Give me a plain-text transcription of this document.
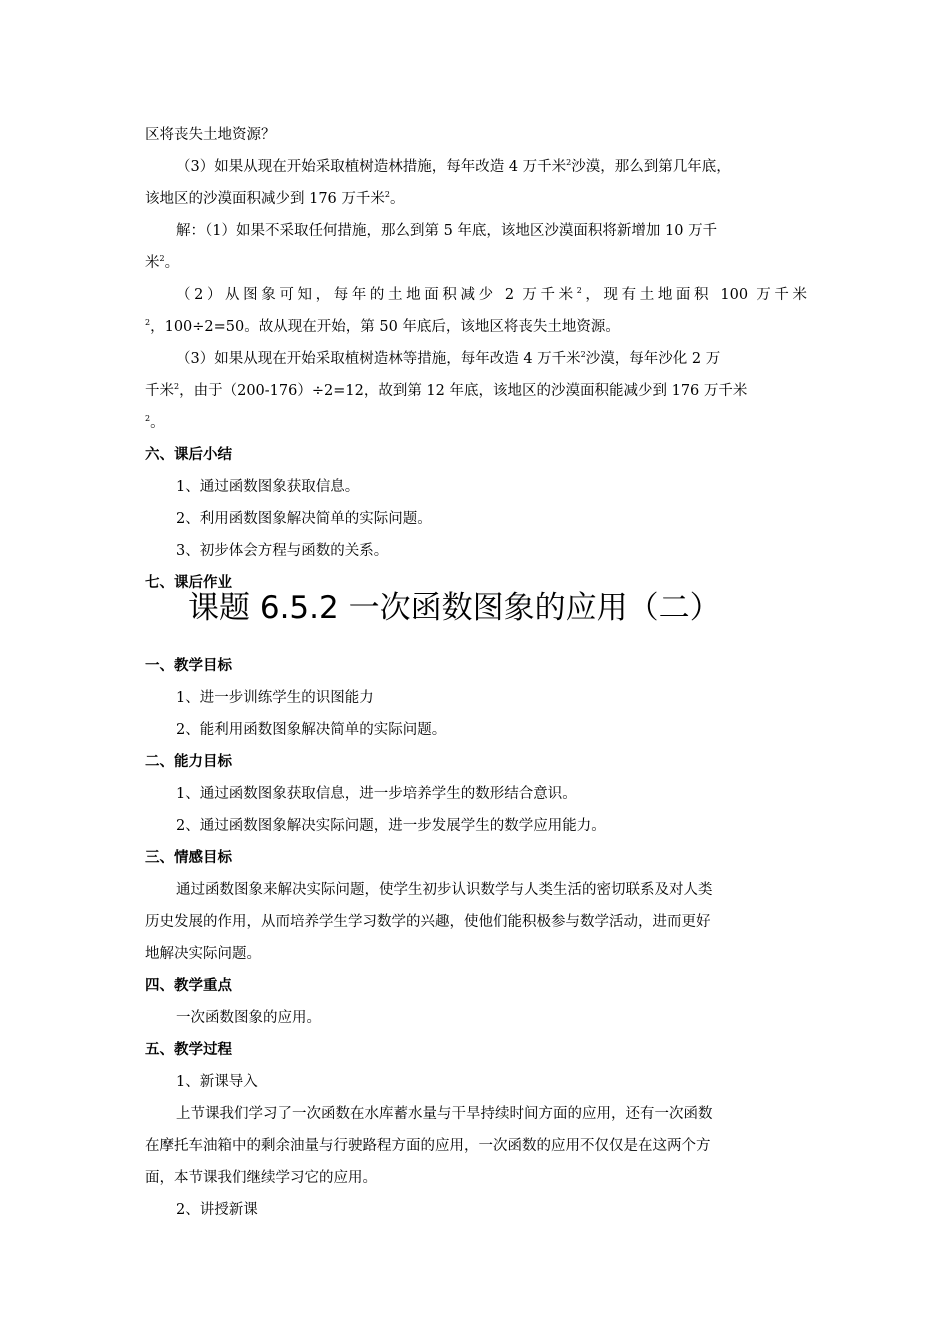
区将丧失土地资源？
（3）如果从现在开始采取植树造林措施，每年改造 4 万千米$^2$沙漠，那么到第几年底，
该地区的沙漠面积减少到 176 万千米$^2$。
解：（1）如果不采取任何措施，那么到第 5 年底，该地区沙漠面积将新增加 10 万千
米$^2$。
（2）从图象可知，每年的土地面积减少 2 万千米$^2$，现有土地面积 100 万千米
$^2$，100÷2=50。故从现在开始，第 50 年底后，该地区将丧失土地资源。
（3）如果从现在开始采取植树造林等措施，每年改造 4 万千米$^2$沙漠，每年沙化 2 万
千米$^2$，由于（200-176）÷2=12，故到第 12 年底，该地区的沙漠面积能减少到 176 万千米
$^2$。
六、课后小结
1、通过函数图象获取信息。
2、利用函数图象解决简单的实际问题。
3、初步体会方程与函数的关系。
七、课后作业
课题 6.5.2 一次函数图象的应用（二）
一、教学目标
1、进一步训练学生的识图能力
2、能利用函数图象解决简单的实际问题。
二、能力目标
1、通过函数图象获取信息，进一步培养学生的数形结合意识。
2、通过函数图象解决实际问题，进一步发展学生的数学应用能力。
三、情感目标
通过函数图象来解决实际问题，使学生初步认识数学与人类生活的密切联系及对人类
历史发展的作用，从而培养学生学习数学的兴趣，使他们能积极参与数学活动，进而更好
地解决实际问题。
四、教学重点
一次函数图象的应用。
五、教学过程
1、新课导入
上节课我们学习了一次函数在水库蓄水量与干旱持续时间方面的应用，还有一次函数
在摩托车油箱中的剩余油量与行驶路程方面的应用，一次函数的应用不仅仅是在这两个方
面，本节课我们继续学习它的应用。
2、讲授新课
